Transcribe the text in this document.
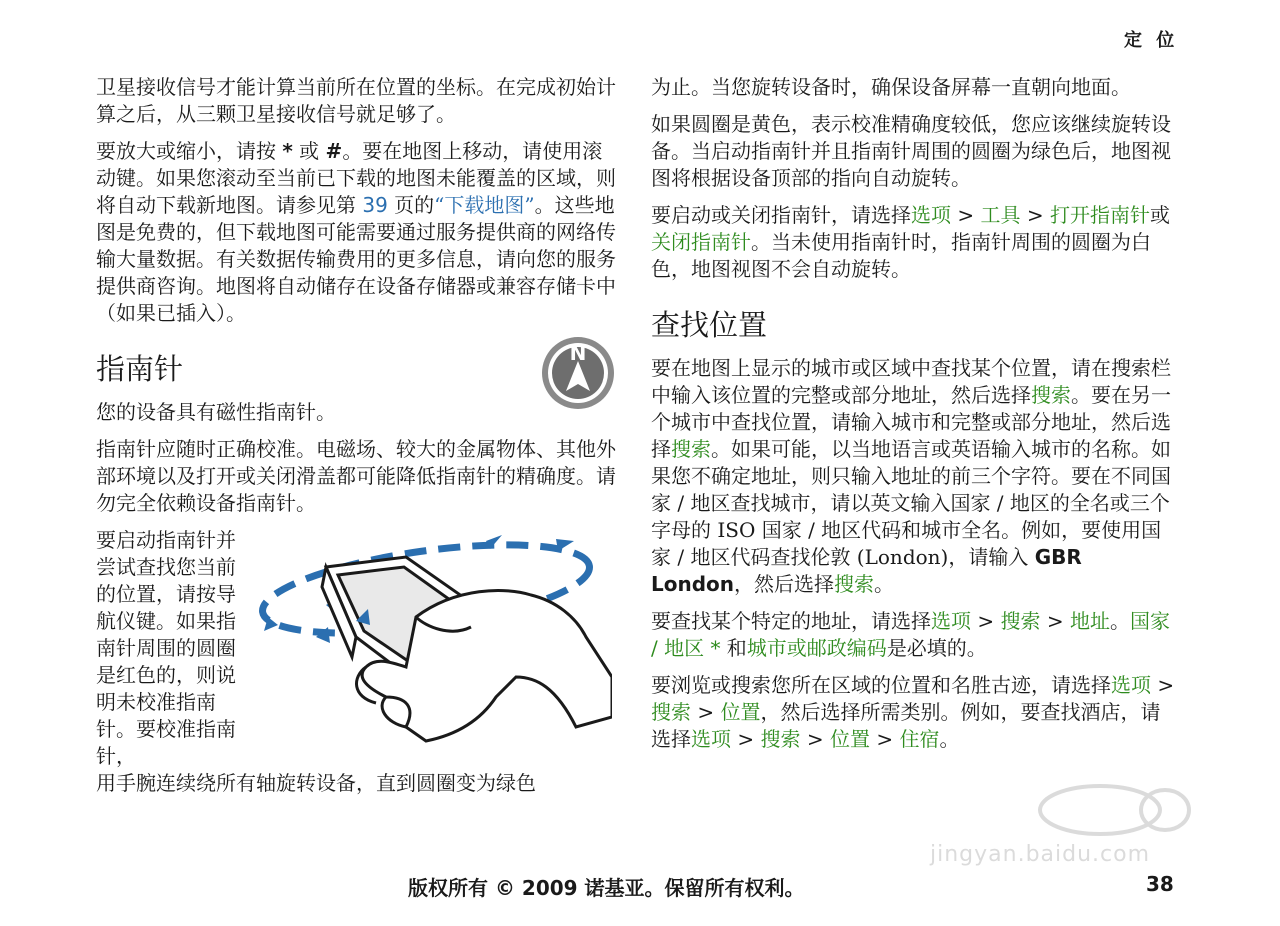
定 位

卫星接收信号才能计算当前所在位置的坐标。在完成初始计算之后，从三颗卫星接收信号就足够了。

要放大或缩小，请按 * 或 #。要在地图上移动，请使用滚动键。如果您滚动至当前已下载的地图未能覆盖的区域，则将自动下载新地图。请参见第 39 页的“下载地图”。这些地图是免费的，但下载地图可能需要通过服务提供商的网络传输大量数据。有关数据传输费用的更多信息，请向您的服务提供商咨询。地图将自动储存在设备存储器或兼容存储卡中（如果已插入）。

指南针	N

您的设备具有磁性指南针。

指南针应随时正确校准。电磁场、较大的金属物体、其他外部环境以及打开或关闭滑盖都可能降低指南针的精确度。请勿完全依赖设备指南针。

要启动指南针并尝试查找您当前的位置，请按导航仪键。如果指南针周围的圆圈是红色的，则说明未校准指南针。要校准指南针，

用手腕连续绕所有轴旋转设备，直到圆圈变为绿色

为止。当您旋转设备时，确保设备屏幕一直朝向地面。

如果圆圈是黄色，表示校准精确度较低，您应该继续旋转设备。当启动指南针并且指南针周围的圆圈为绿色后，地图视图将根据设备顶部的指向自动旋转。

要启动或关闭指南针，请选择选项 > 工具 > 打开指南针或关闭指南针。当未使用指南针时，指南针周围的圆圈为白色，地图视图不会自动旋转。

查找位置

要在地图上显示的城市或区域中查找某个位置，请在搜索栏中输入该位置的完整或部分地址，然后选择搜索。要在另一个城市中查找位置，请输入城市和完整或部分地址，然后选择搜索。如果可能，以当地语言或英语输入城市的名称。如果您不确定地址，则只输入地址的前三个字符。要在不同国家 / 地区查找城市，请以英文输入国家 / 地区的全名或三个字母的 ISO 国家 / 地区代码和城市全名。例如，要使用国家 / 地区代码查找伦敦 (London)，请输入 GBR London，然后选择搜索。

要查找某个特定的地址，请选择选项 > 搜索 > 地址。国家 / 地区 * 和城市或邮政编码是必填的。

要浏览或搜索您所在区域的位置和名胜古迹，请选择选项 > 搜索 > 位置，然后选择所需类别。例如，要查找酒店，请选择选项 > 搜索 > 位置 > 住宿。

jingyan.baidu.com
版权所有 © 2009 诺基亚。保留所有权利。	38
